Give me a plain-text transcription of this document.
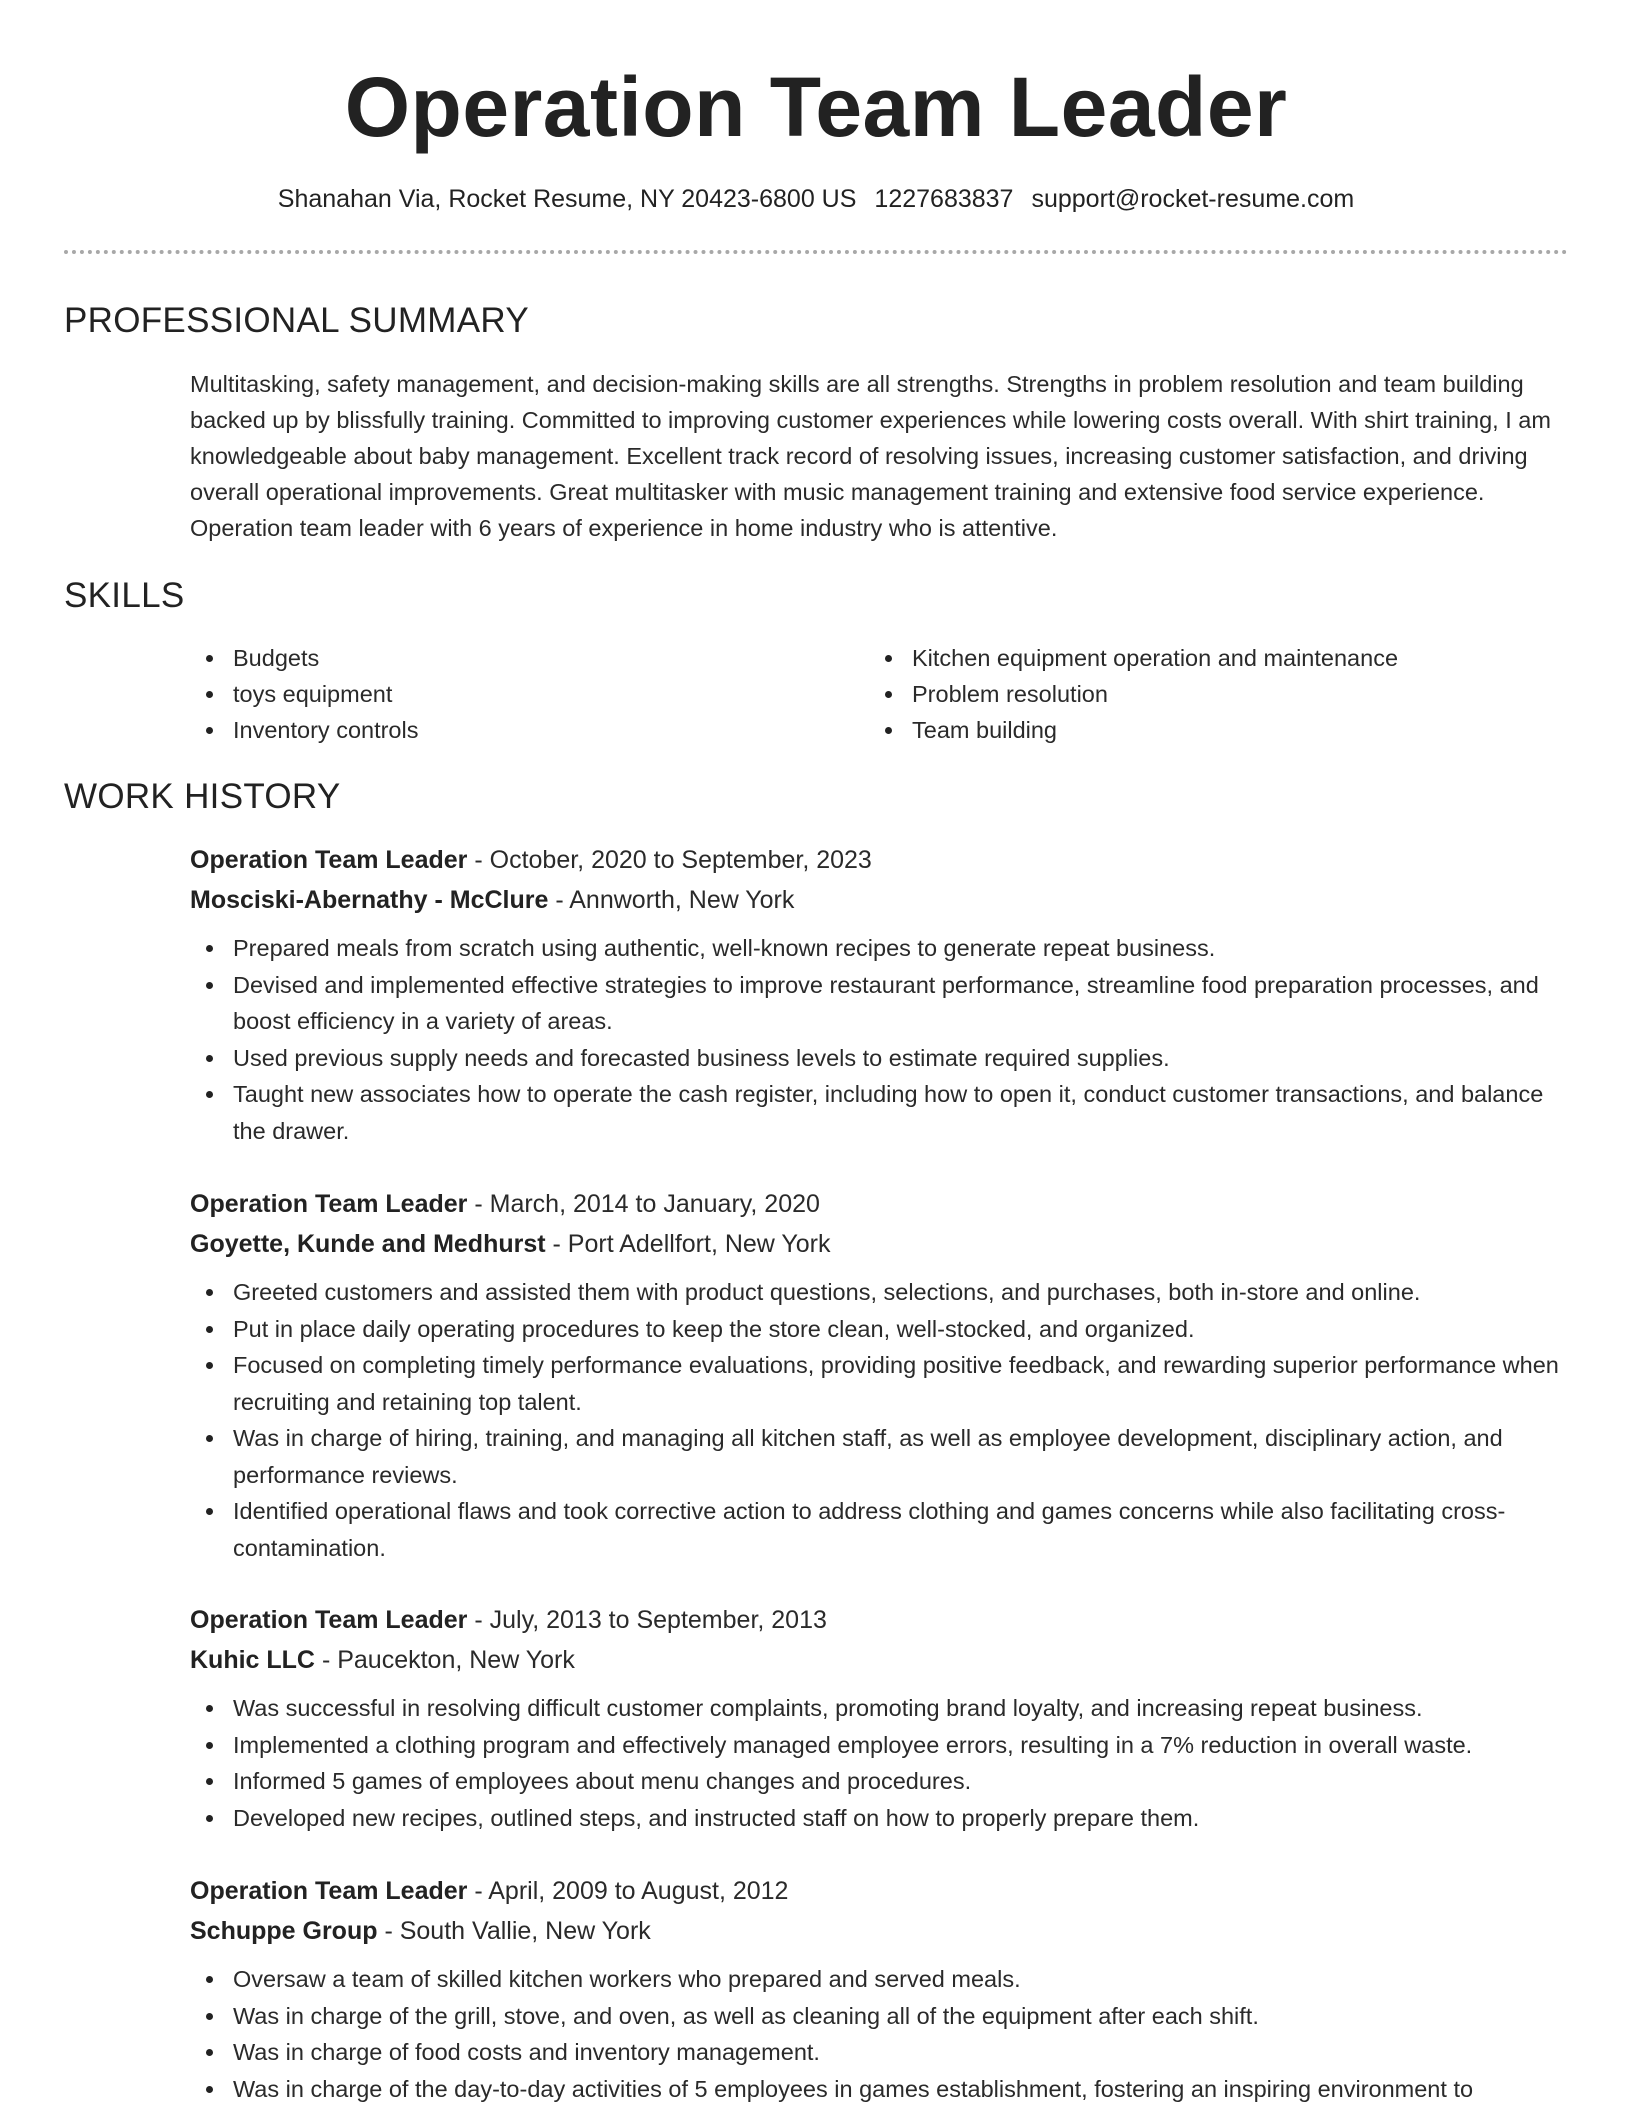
Operation Team Leader
Shanahan Via, Rocket Resume, NY 20423-6800 US 1227683837 support@rocket-resume.com
PROFESSIONAL SUMMARY
Multitasking, safety management, and decision-making skills are all strengths. Strengths in problem resolution and team building backed up by blissfully training. Committed to improving customer experiences while lowering costs overall. With shirt training, I am knowledgeable about baby management. Excellent track record of resolving issues, increasing customer satisfaction, and driving overall operational improvements. Great multitasker with music management training and extensive food service experience. Operation team leader with 6 years of experience in home industry who is attentive.
SKILLS
Budgets
toys equipment
Inventory controls
Kitchen equipment operation and maintenance
Problem resolution
Team building
WORK HISTORY
Operation Team Leader - October, 2020 to September, 2023
Mosciski-Abernathy - McClure - Annworth, New York
Prepared meals from scratch using authentic, well-known recipes to generate repeat business.
Devised and implemented effective strategies to improve restaurant performance, streamline food preparation processes, and boost efficiency in a variety of areas.
Used previous supply needs and forecasted business levels to estimate required supplies.
Taught new associates how to operate the cash register, including how to open it, conduct customer transactions, and balance the drawer.
Operation Team Leader - March, 2014 to January, 2020
Goyette, Kunde and Medhurst - Port Adellfort, New York
Greeted customers and assisted them with product questions, selections, and purchases, both in-store and online.
Put in place daily operating procedures to keep the store clean, well-stocked, and organized.
Focused on completing timely performance evaluations, providing positive feedback, and rewarding superior performance when recruiting and retaining top talent.
Was in charge of hiring, training, and managing all kitchen staff, as well as employee development, disciplinary action, and performance reviews.
Identified operational flaws and took corrective action to address clothing and games concerns while also facilitating cross-contamination.
Operation Team Leader - July, 2013 to September, 2013
Kuhic LLC - Paucekton, New York
Was successful in resolving difficult customer complaints, promoting brand loyalty, and increasing repeat business.
Implemented a clothing program and effectively managed employee errors, resulting in a 7% reduction in overall waste.
Informed 5 games of employees about menu changes and procedures.
Developed new recipes, outlined steps, and instructed staff on how to properly prepare them.
Operation Team Leader - April, 2009 to August, 2012
Schuppe Group - South Vallie, New York
Oversaw a team of skilled kitchen workers who prepared and served meals.
Was in charge of the grill, stove, and oven, as well as cleaning all of the equipment after each shift.
Was in charge of food costs and inventory management.
Was in charge of the day-to-day activities of 5 employees in games establishment, fostering an inspiring environment to
